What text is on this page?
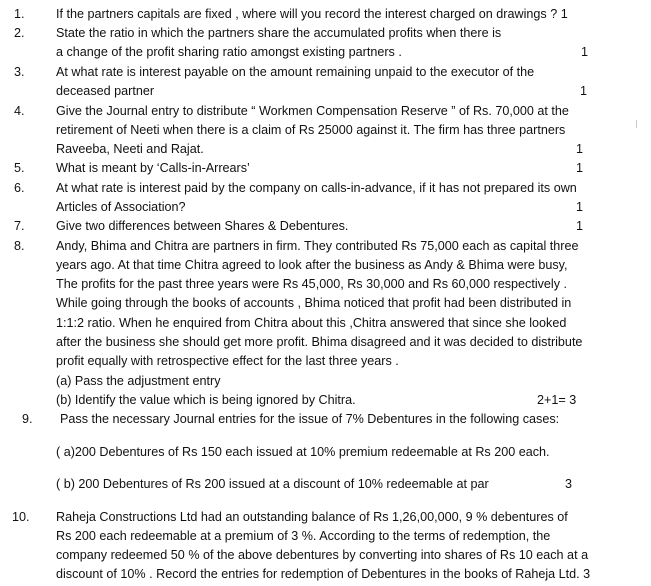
1. If the partners capitals are fixed , where will you record the interest charged on drawings ? 1
2. State the ratio in which the partners share the accumulated profits when there is
a change of the profit sharing ratio amongst existing partners .	1
3. At what rate is interest payable on the amount remaining unpaid to the executor of the
deceased partner	1
4. Give the Journal entry to distribute “ Workmen Compensation Reserve ” of Rs. 70,000 at the
retirement of Neeti when there is a claim of Rs 25000 against it. The firm has three partners
Raveeba, Neeti and Rajat.	1
5. What is meant by ‘Calls-in-Arrears’	1
6. At what rate is interest paid by the company on calls-in-advance, if it has not prepared its own
Articles of Association?	1
7. Give two differences between Shares & Debentures.	1
8. Andy, Bhima and Chitra are partners in firm. They contributed Rs 75,000 each as capital three
years ago. At that time Chitra agreed to look after the business as Andy & Bhima were busy,
The profits for the past three years were Rs 45,000, Rs 30,000 and Rs 60,000 respectively .
While going through the books of accounts , Bhima noticed that profit had been distributed in
1:1:2 ratio. When he enquired from Chitra about this ,Chitra answered that since she looked
after the business she should get more profit. Bhima disagreed and it was decided to distribute
profit equally with retrospective effect for the last three years .
(a) Pass the adjustment entry
(b) Identify the value which is being ignored by Chitra.	2+1= 3
9. Pass the necessary Journal entries for the issue of 7% Debentures in the following cases:
( a)200 Debentures of Rs 150 each issued at 10% premium redeemable at Rs 200 each.
( b) 200 Debentures of Rs 200 issued at a discount of 10% redeemable at par	3
10. Raheja Constructions Ltd had an outstanding balance of Rs 1,26,00,000, 9 % debentures of
Rs 200 each redeemable at a premium of 3 %. According to the terms of redemption, the
company redeemed 50 % of the above debentures by converting into shares of Rs 10 each at a
discount of 10% . Record the entries for redemption of Debentures in the books of Raheja Ltd. 3
